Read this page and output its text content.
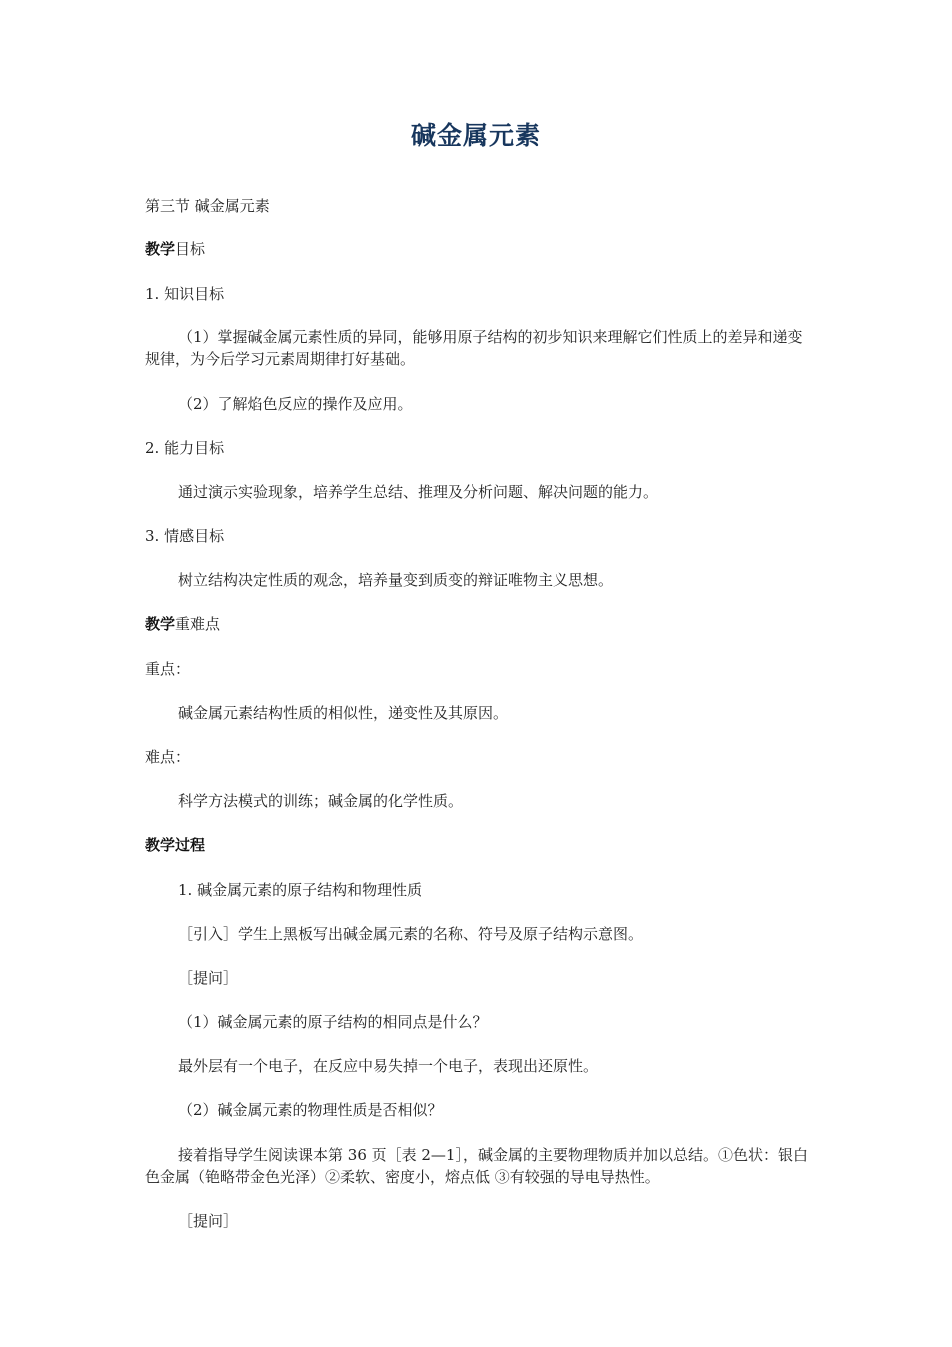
碱金属元素
第三节 碱金属元素
教学目标
1. 知识目标
（1）掌握碱金属元素性质的异同，能够用原子结构的初步知识来理解它们性质上的差异和递变规律，为今后学习元素周期律打好基础。
（2）了解焰色反应的操作及应用。
2. 能力目标
通过演示实验现象，培养学生总结、推理及分析问题、解决问题的能力。
3. 情感目标
树立结构决定性质的观念，培养量变到质变的辩证唯物主义思想。
教学重难点
重点：
碱金属元素结构性质的相似性，递变性及其原因。
难点：
科学方法模式的训练；碱金属的化学性质。
教学过程
1. 碱金属元素的原子结构和物理性质
［引入］学生上黑板写出碱金属元素的名称、符号及原子结构示意图。
［提问］
（1）碱金属元素的原子结构的相同点是什么？
最外层有一个电子，在反应中易失掉一个电子，表现出还原性。
（2）碱金属元素的物理性质是否相似？
接着指导学生阅读课本第 36 页［表 2—1］，碱金属的主要物理物质并加以总结。①色状：银白色金属（铯略带金色光泽）②柔软、密度小，熔点低 ③有较强的导电导热性。
［提问］
